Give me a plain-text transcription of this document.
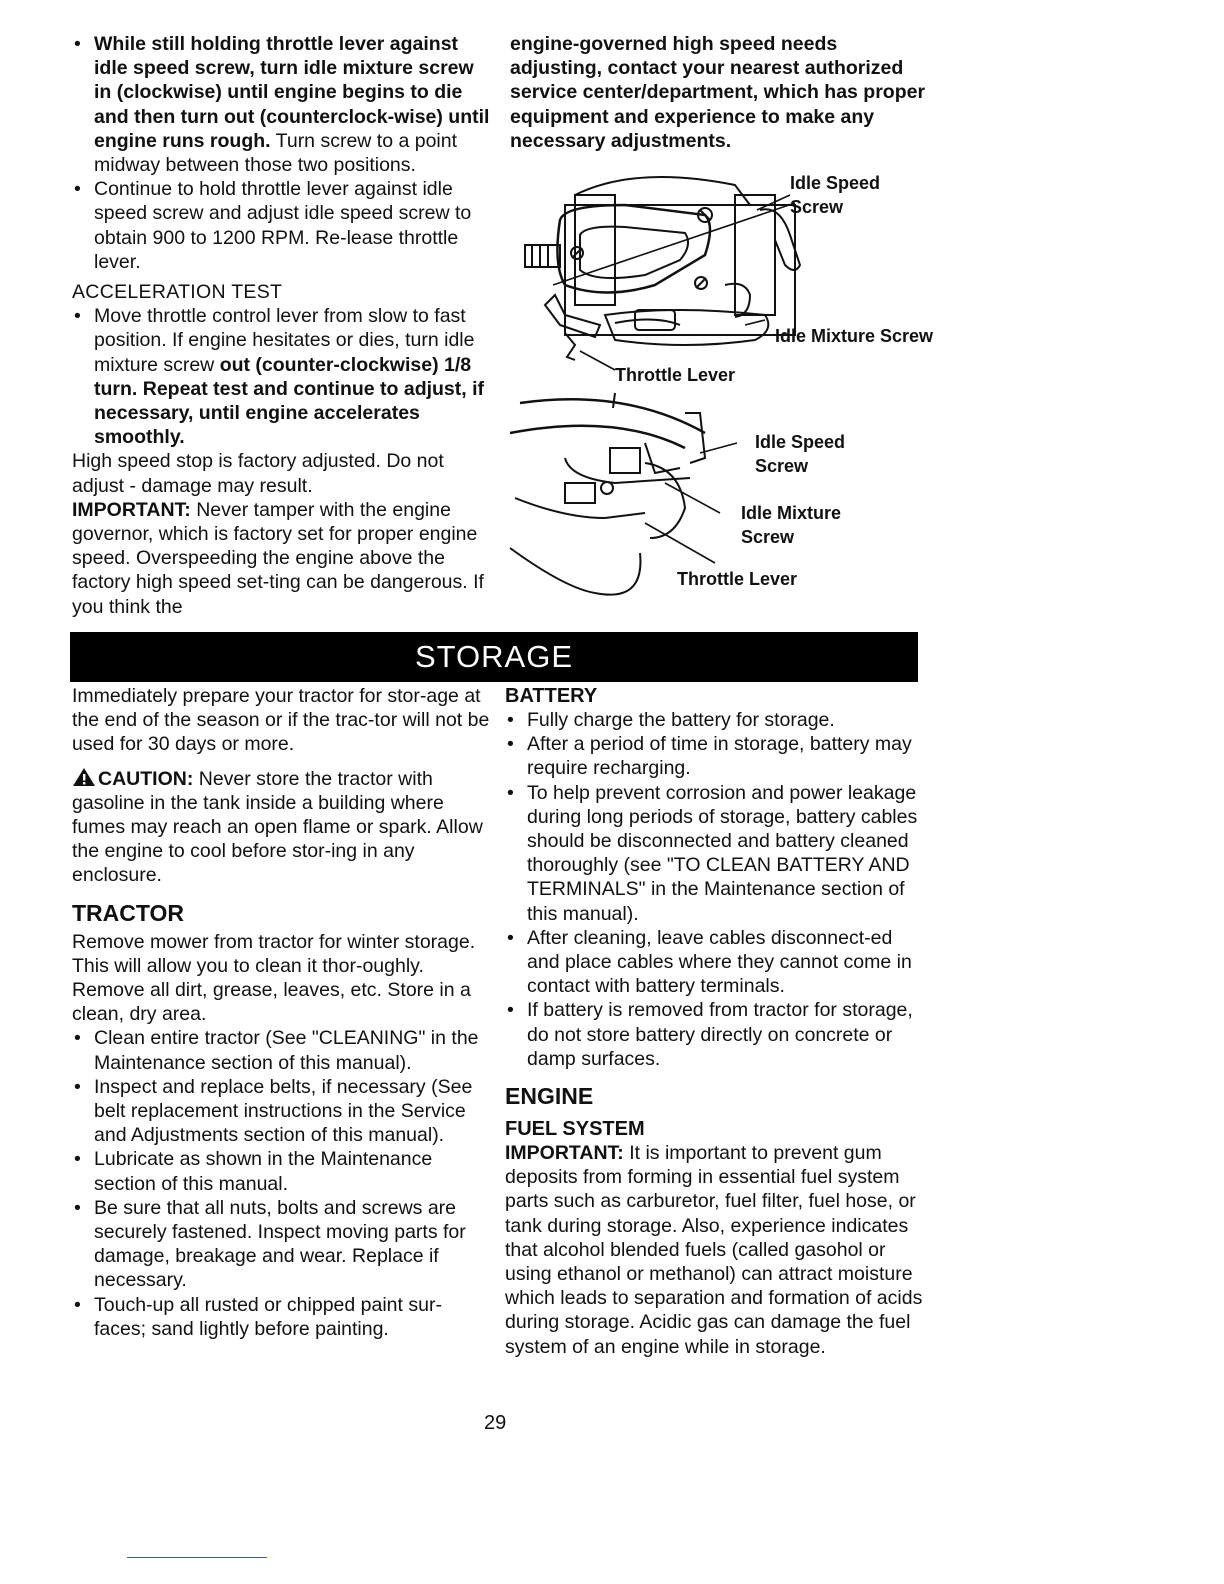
• While still holding throttle lever against idle speed screw, turn idle mixture screw in (clockwise) until engine begins to die and then turn out (counterclock-wise) until engine runs rough. Turn screw to a point midway between those two positions.
• Continue to hold throttle lever against idle speed screw and adjust idle speed screw to obtain 900 to 1200 RPM. Re-lease throttle lever.

ACCELERATION TEST

• Move throttle control lever from slow to fast position. If engine hesitates or dies, turn idle mixture screw out (counter-clockwise) 1/8 turn. Repeat test and continue to adjust, if necessary, until engine accelerates smoothly.

High speed stop is factory adjusted. Do not adjust - damage may result.

IMPORTANT: Never tamper with the engine governor, which is factory set for proper engine speed. Overspeeding the engine above the factory high speed set-ting can be dangerous. If you think the

engine-governed high speed needs adjusting, contact your nearest authorized service center/department, which has proper equipment and experience to make any necessary adjustments.

Idle Speed
Screw
Idle Mixture Screw
Throttle Lever
Idle Speed
Screw
Idle Mixture
Screw
Throttle Lever
STORAGE

Immediately prepare your tractor for stor-age at the end of the season or if the trac-tor will not be used for 30 days or more.

CAUTION: Never store the tractor with gasoline in the tank inside a building where fumes may reach an open flame or spark. Allow the engine to cool before stor-ing in any enclosure.

TRACTOR

Remove mower from tractor for winter storage. This will allow you to clean it thor-oughly. Remove all dirt, grease, leaves, etc. Store in a clean, dry area.

• Clean entire tractor (See "CLEANING" in the Maintenance section of this manual).
• Inspect and replace belts, if necessary (See belt replacement instructions in the Service and Adjustments section of this manual).
• Lubricate as shown in the Maintenance section of this manual.
• Be sure that all nuts, bolts and screws are securely fastened. Inspect moving parts for damage, breakage and wear. Replace if necessary.
• Touch-up all rusted or chipped paint sur-faces; sand lightly before painting.
BATTERY
• Fully charge the battery for storage.
• After a period of time in storage, battery may require recharging.
• To help prevent corrosion and power leakage during long periods of storage, battery cables should be disconnected and battery cleaned thoroughly (see "TO CLEAN BATTERY AND TERMINALS" in the Maintenance section of this manual).
• After cleaning, leave cables disconnect-ed and place cables where they cannot come in contact with battery terminals.
• If battery is removed from tractor for storage, do not store battery directly on concrete or damp surfaces.
ENGINE
FUEL SYSTEM

IMPORTANT: It is important to prevent gum deposits from forming in essential fuel system parts such as carburetor, fuel filter, fuel hose, or tank during storage. Also, experience indicates that alcohol blended fuels (called gasohol or using ethanol or methanol) can attract moisture which leads to separation and formation of acids during storage. Acidic gas can damage the fuel system of an engine while in storage.

29
